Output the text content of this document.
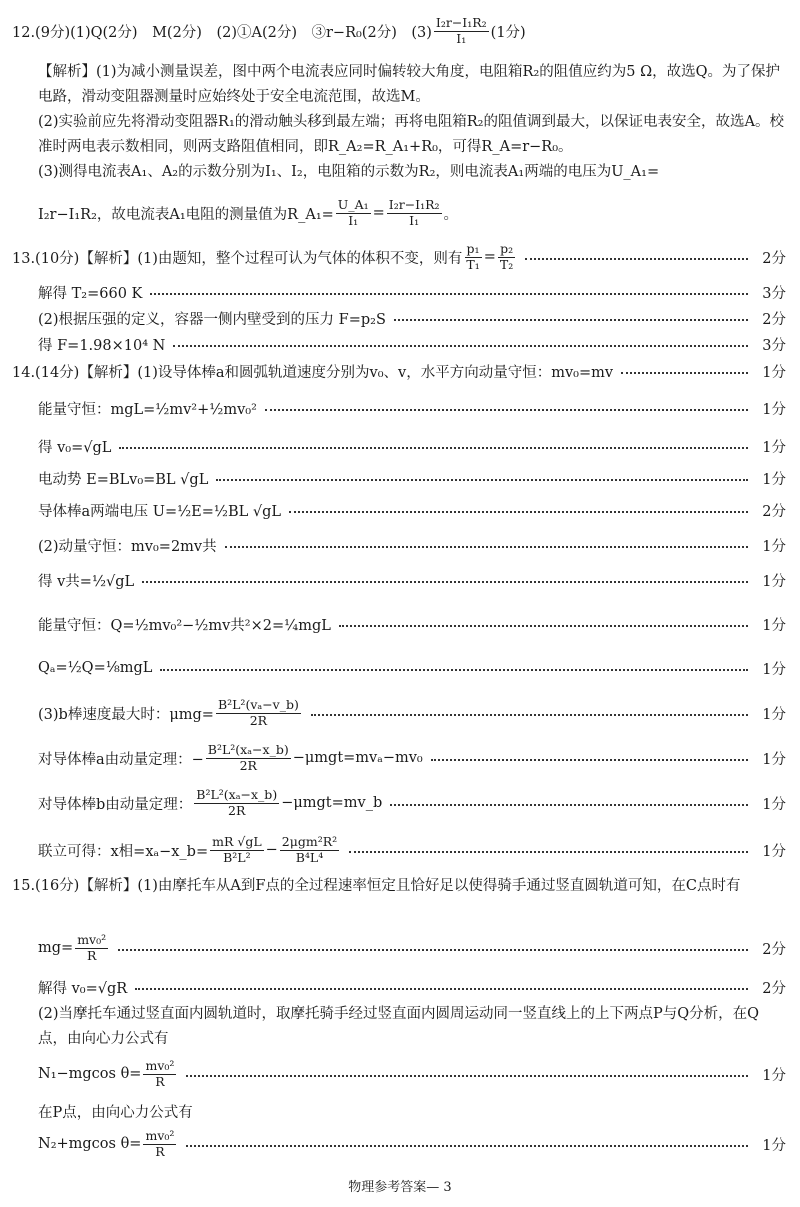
12.(9分)(1)Q(2分)　M(2分)　(2)①A(2分)　③r−R₀(2分)　$(3) \frac{\text{I₂r−I₁R₂}}{\text{I₁}} (1$分)
【解析】(1)为减小测量误差，图中两个电流表应同时偏转较大角度，电阻箱R₂的阻值应约为5 Ω，故选Q。为了保护电路，滑动变阻器测量时应始终处于安全电流范围，故选M。
(2)实验前应先将滑动变阻器R₁的滑动触头移到最左端；再将电阻箱R₂的阻值调到最大，以保证电表安全，故选A。校准时两电表示数相同，则两支路阻值相同，即R_A₂=R_A₁+R₀，可得R_A=r−R₀。
(3)测得电流表A₁、A₂的示数分别为I₁、I₂，电阻箱的示数为R₂，则电流表A₁两端的电压为U_A₁=
I₂r−I₁R₂，故电流表A₁电阻的测量值为R_A₁= $\frac{\text{U\_A₁}}{\text{I₁}} = \frac{\text{I₂r−I₁R₂}}{\text{I₁}}$ 。
13.(10分)【解析】(1)由题知，整个过程可认为气体的体积不变，则有 $\frac{\text{p₁}}{\text{T₁}} = \frac{\text{p₂}}{\text{T₂}}$	2分
解得 T₂=660 K	3分
(2)根据压强的定义，容器一侧内壁受到的压力 F=p₂S	2分
得 F=1.98×10⁴ N	3分
14.(14分)【解析】(1)设导体棒a和圆弧轨道速度分别为v₀、v，水平方向动量守恒：mv₀=mv	1分
能量守恒：mgL=½mv²+½mv₀²	1分
得 v₀=√gL	1分
电动势 E=BLv₀=BL √gL	1分
导体棒a两端电压 U=½E=½BL √gL	2分
(2)动量守恒：mv₀=2mv共	1分
得 v共=½√gL	1分
能量守恒：Q=½mv₀²−½mv共²×2=¼mgL	1分
Qₐ=½Q=⅛mgL	1分
(3)b棒速度最大时：$\mu mg= \frac{\text{B²L²(vₐ−v\_b)}}{2R}$	1分
对导体棒a由动量定理：− $\frac{\text{B²L²(xₐ−x\_b)}}{2R} -\mu mgt=mv_a-mv_0$	1分
对导体棒b由动量定理： $\frac{\text{B²L²(xₐ−x\_b)}}{2R}$ −μmgt=mv_b	1分
联立可得：x相=xₐ−x_b= $\frac{mR √gL}{\text{B²L²}} - \frac{\text{2μgm²R²}}{\text{B⁴L⁴}}$	1分
15.(16分)【解析】(1)由摩托车从A到F点的全过程速率恒定且恰好足以使得骑手通过竖直圆轨道可知，在C点时有
$mg= \frac{\text{mv₀²}}{R}$	2分
解得 v₀=√gR	2分
(2)当摩托车通过竖直面内圆轨道时，取摩托骑手经过竖直面内圆周运动同一竖直线上的上下两点P与Q分析，在Q点，由向心力公式有
N₁−mgcos $\theta= \frac{\text{mv₀²}}{R}$	1分
在P点，由向心力公式有
N₂+mgcos $\theta= \frac{\text{mv₀²}}{R}$	1分
物理参考答案— 3
